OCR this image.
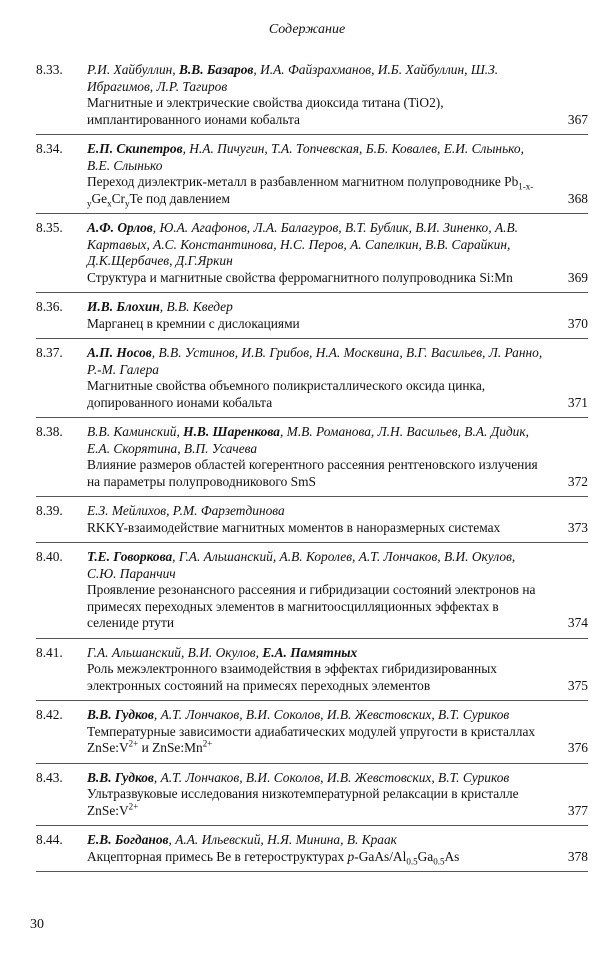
Содержание
8.33.	Р.И. Хайбуллин, В.В. Базаров, И.А. Файзрахманов, И.Б. Хайбуллин, Ш.З. Ибрагимов, Л.Р. Тагиров
Магнитные и электрические свойства диоксида титана (TiO2), имплантированного ионами кобальта	367
8.34.	Е.П. Скипетров, Н.А. Пичугин, Т.А. Топчевская, Б.Б. Ковалев, Е.И. Слынько, В.Е. Слынько
Переход диэлектрик-металл в разбавленном магнитном полупроводнике $Pb_{1-x-y}Ge_xCr_yTe$ под давлением	368
8.35.	А.Ф. Орлов, Ю.А. Агафонов, Л.А. Балагуров, В.Т. Бублик, В.И. Зиненко, А.В. Картавых, А.С. Константинова, Н.С. Перов, А. Сапелкин, В.В. Сарайкин, Д.К.Щербачев, Д.Г.Яркин
Структура и магнитные свойства ферромагнитного полупроводника Si:Mn	369
8.36.	И.В. Блохин, В.В. Кведер
Марганец в кремнии с дислокациями	370
8.37.	А.П. Носов, В.В. Устинов, И.В. Грибов, Н.А. Москвина, В.Г. Васильев, Л. Ранно, Р.-М. Галера
Магнитные свойства объемного поликристаллического оксида цинка, допированного ионами кобальта	371
8.38.	В.В. Каминский, Н.В. Шаренкова, М.В. Романова, Л.Н. Васильев, В.А. Дидик, Е.А. Скорятина, В.П. Усачева
Влияние размеров областей когерентного рассеяния рентгеновского излучения на параметры полупроводникового SmS	372
8.39.	Е.З. Мейлихов, Р.М. Фарзетдинова
RKKY-взаимодействие магнитных моментов в наноразмерных системах	373
8.40.	Т.Е. Говоркова, Г.А. Альшанский, А.В. Королев, А.Т. Лончаков, В.И. Окулов, С.Ю. Паранчич
Проявление резонансного рассеяния и гибридизации состояний электронов на примесях переходных элементов в магнитоосцилляционных эффектах в селениде ртути	374
8.41.	Г.А. Альшанский, В.И. Окулов, Е.А. Памятных
Роль межэлектронного взаимодействия в эффектах гибридизированных электронных состояний на примесях переходных элементов	375
8.42.	В.В. Гудков, А.Т. Лончаков, В.И. Соколов, И.В. Жевстовских, В.Т. Суриков
Температурные зависимости адиабатических модулей упругости в кристаллах $ZnSe:V^{2+}$ и $ZnSe:Mn^{2+}$	376
8.43.	В.В. Гудков, А.Т. Лончаков, В.И. Соколов, И.В. Жевстовских, В.Т. Суриков
Ультразвуковые исследования низкотемпературной релаксации в кристалле $ZnSe:V^{2+}$	377
8.44.	Е.В. Богданов, А.А. Ильевский, Н.Я. Минина, В. Краак
Акцепторная примесь Be в гетероструктурах $p-GaAs/Al_{0.5}Ga_{0.5}As$	378
30
